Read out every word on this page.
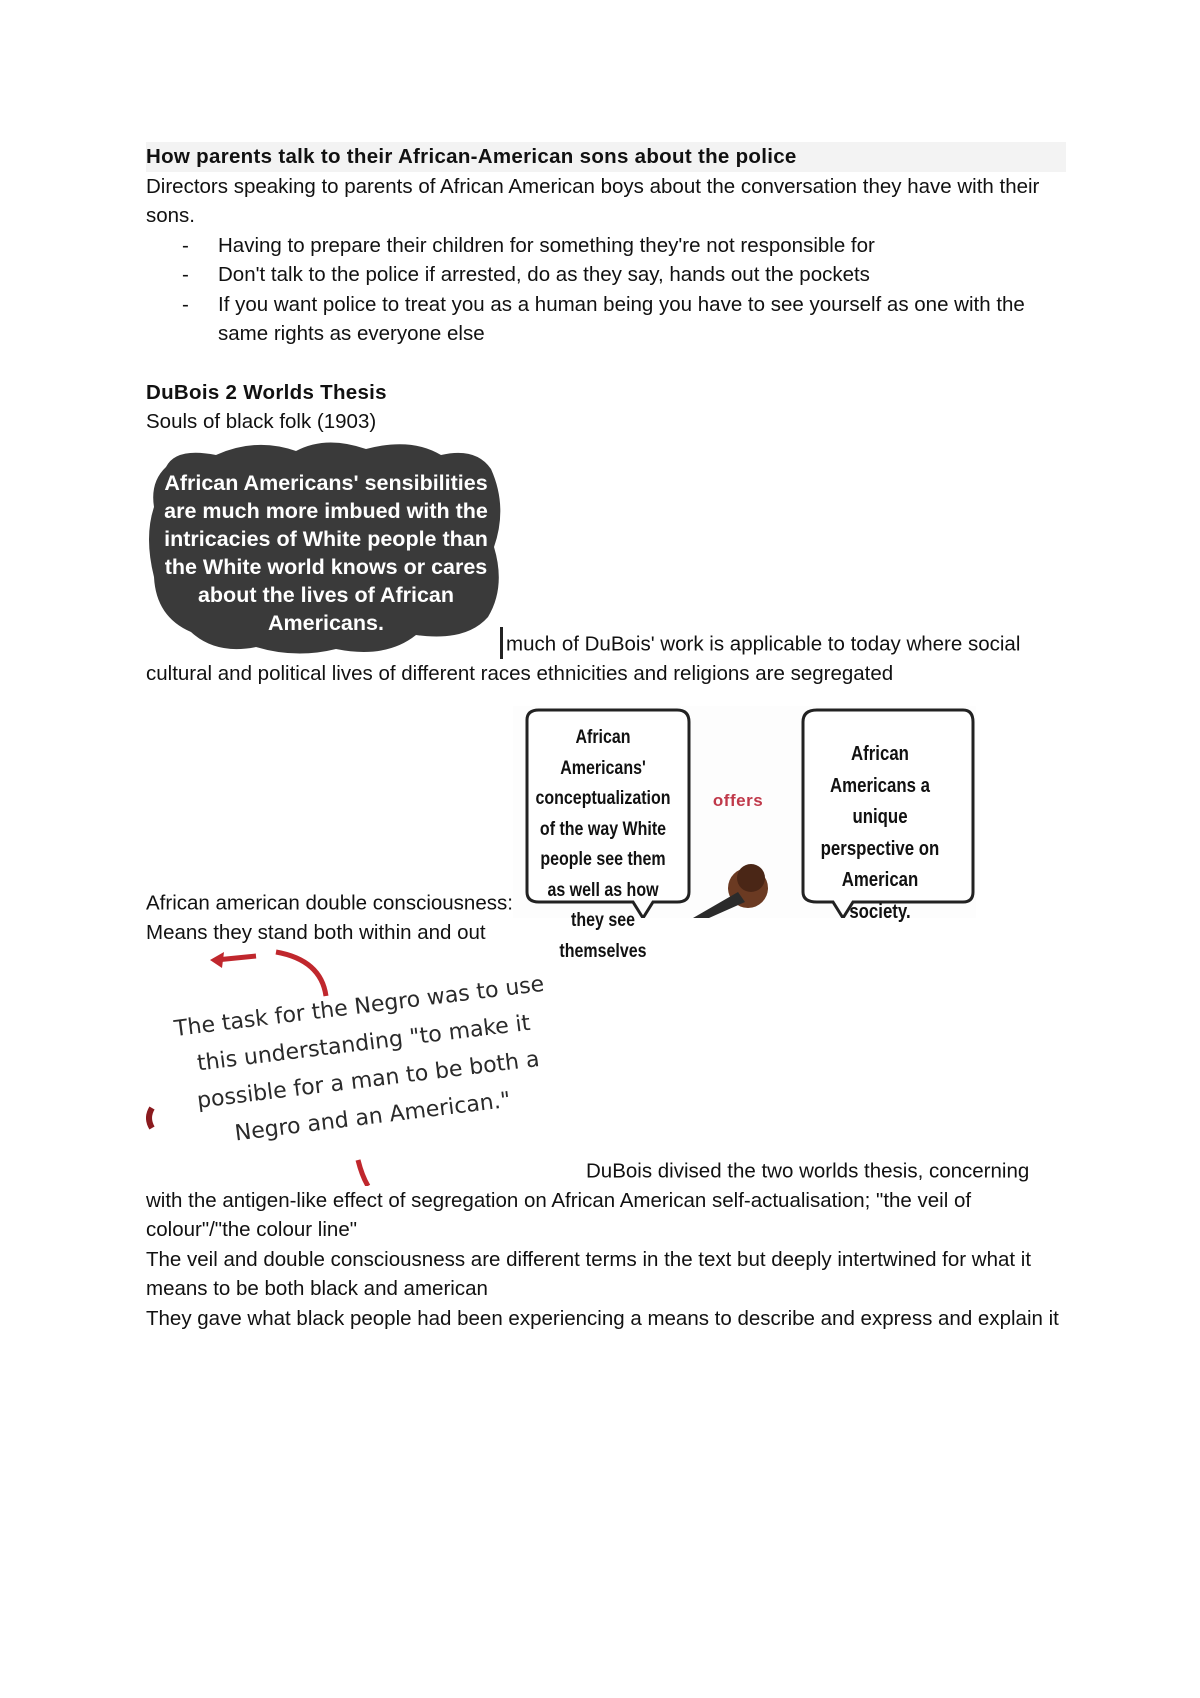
How parents talk to their African-American sons about the police

Directors speaking to parents of African American boys about the conversation they have with their sons.

- Having to prepare their children for something they're not responsible for
- Don't talk to the police if arrested, do as they say, hands out the pockets
- If you want police to treat you as a human being you have to see yourself as one with the same rights as everyone else

DuBois 2 Worlds Thesis

Souls of black folk (1903)

African Americans' sensibilities are much more imbued with the intricacies of White people than the White world knows or cares about the lives of African Americans.
much of DuBois' work is applicable to today where social cultural and political lives of different races ethnicities and religions are segregated

African american double consciousness:
African Americans' conceptualization of the way White people see them as well as how they see themselves
offers
African Americans a unique perspective on American society.

Means they stand both within and out

The task for the Negro was to use this understanding "to make it possible for a man to be both a Negro and an American."
DuBois divised the two worlds thesis, concerning with the antigen-like effect of segregation on African American self-actualisation; "the veil of colour"/"the colour line"

The veil and double consciousness are different terms in the text but deeply intertwined for what it means to be both black and american

They gave what black people had been experiencing a means to describe and express and explain it
